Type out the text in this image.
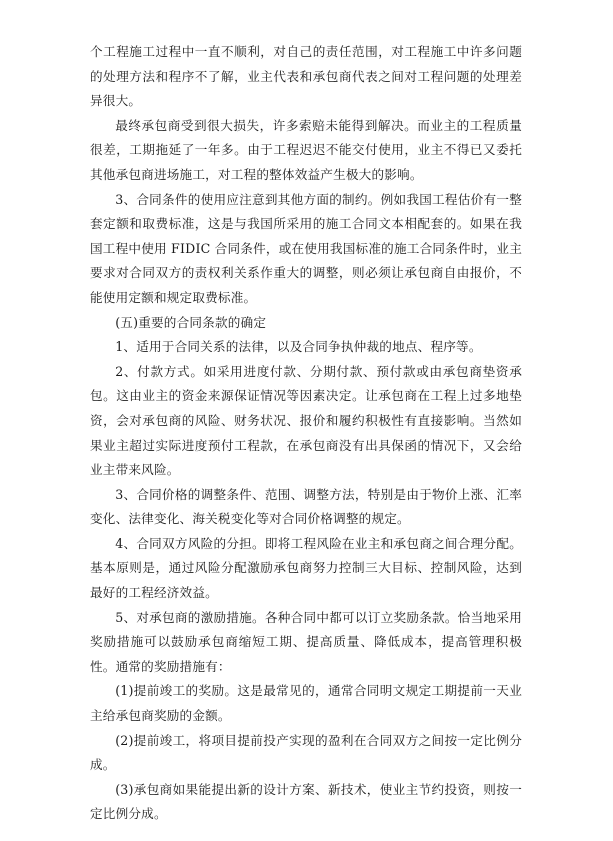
个工程施工过程中一直不顺利，对自己的责任范围，对工程施工中许多问题的处理方法和程序不了解，业主代表和承包商代表之间对工程问题的处理差异很大。

最终承包商受到很大损失，许多索赔未能得到解决。而业主的工程质量很差，工期拖延了一年多。由于工程迟迟不能交付使用，业主不得已又委托其他承包商进场施工，对工程的整体效益产生极大的影响。

3、合同条件的使用应注意到其他方面的制约。例如我国工程估价有一整套定额和取费标准，这是与我国所采用的施工合同文本相配套的。如果在我国工程中使用 FIDIC 合同条件，或在使用我国标准的施工合同条件时，业主要求对合同双方的责权利关系作重大的调整，则必须让承包商自由报价，不能使用定额和规定取费标准。

(五)重要的合同条款的确定

1、适用于合同关系的法律，以及合同争执仲裁的地点、程序等。

2、付款方式。如采用进度付款、分期付款、预付款或由承包商垫资承包。这由业主的资金来源保证情况等因素决定。让承包商在工程上过多地垫资，会对承包商的风险、财务状况、报价和履约积极性有直接影响。当然如果业主超过实际进度预付工程款，在承包商没有出具保函的情况下，又会给业主带来风险。

3、合同价格的调整条件、范围、调整方法，特别是由于物价上涨、汇率变化、法律变化、海关税变化等对合同价格调整的规定。

4、合同双方风险的分担。即将工程风险在业主和承包商之间合理分配。基本原则是，通过风险分配激励承包商努力控制三大目标、控制风险，达到最好的工程经济效益。

5、对承包商的激励措施。各种合同中都可以订立奖励条款。恰当地采用奖励措施可以鼓励承包商缩短工期、提高质量、降低成本，提高管理积极性。通常的奖励措施有：

(1)提前竣工的奖励。这是最常见的，通常合同明文规定工期提前一天业主给承包商奖励的金额。

(2)提前竣工，将项目提前投产实现的盈利在合同双方之间按一定比例分成。

(3)承包商如果能提出新的设计方案、新技术，使业主节约投资，则按一定比例分成。
